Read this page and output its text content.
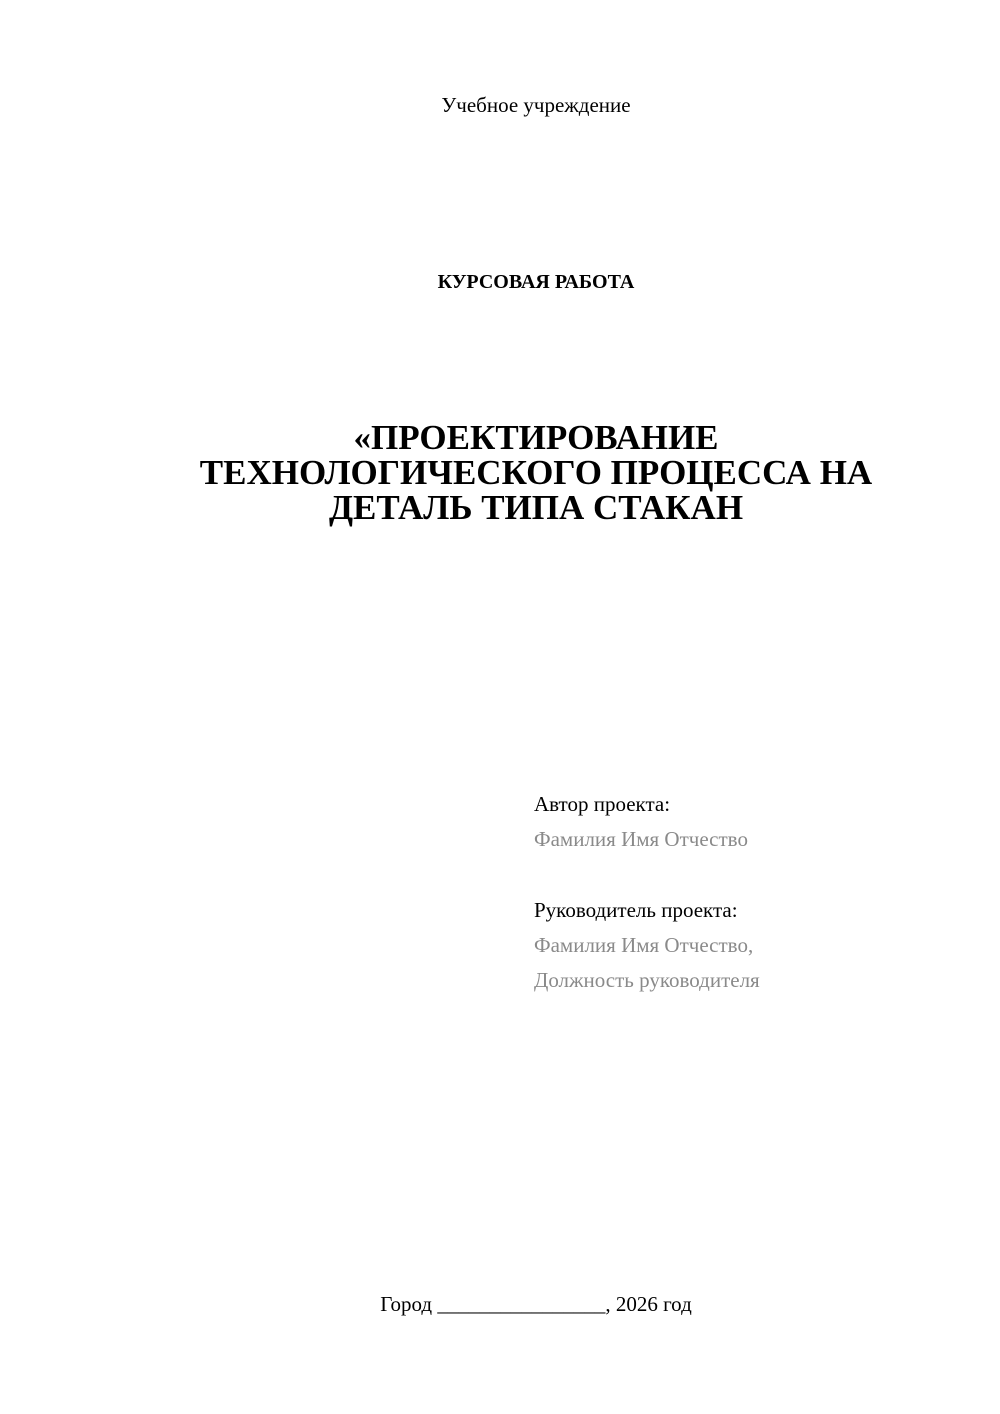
Учебное учреждение
КУРСОВАЯ РАБОТА
«ПРОЕКТИРОВАНИЕ
ТЕХНОЛОГИЧЕСКОГО ПРОЦЕССА НА
ДЕТАЛЬ ТИПА СТАКАН
Автор проекта:
Фамилия Имя Отчество
Руководитель проекта:
Фамилия Имя Отчество,
Должность руководителя
Город ________________, 2026 год
